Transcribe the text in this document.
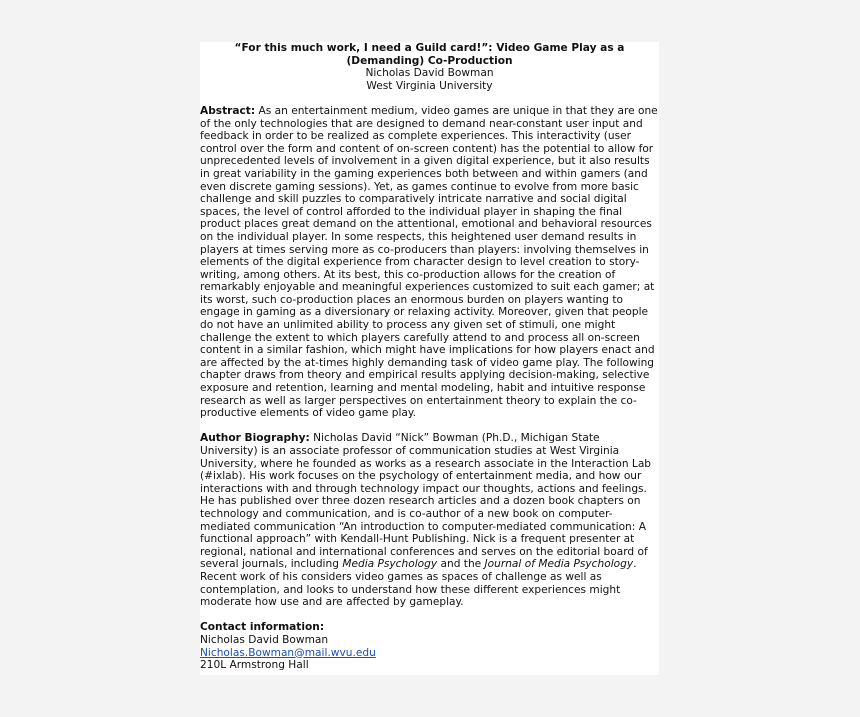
“For this much work, I need a Guild card!”: Video Game Play as a (Demanding) Co-Production

Nicholas David Bowman

West Virginia University

Abstract: As an entertainment medium, video games are unique in that they are one of the only technologies that are designed to demand near-constant user input and feedback in order to be realized as complete experiences. This interactivity (user control over the form and content of on-screen content) has the potential to allow for unprecedented levels of involvement in a given digital experience, but it also results in great variability in the gaming experiences both between and within gamers (and even discrete gaming sessions). Yet, as games continue to evolve from more basic challenge and skill puzzles to comparatively intricate narrative and social digital spaces, the level of control afforded to the individual player in shaping the final product places great demand on the attentional, emotional and behavioral resources on the individual player. In some respects, this heightened user demand results in players at times serving more as co-producers than players: involving themselves in elements of the digital experience from character design to level creation to story-writing, among others. At its best, this co-production allows for the creation of remarkably enjoyable and meaningful experiences customized to suit each gamer; at its worst, such co-production places an enormous burden on players wanting to engage in gaming as a diversionary or relaxing activity. Moreover, given that people do not have an unlimited ability to process any given set of stimuli, one might challenge the extent to which players carefully attend to and process all on-screen content in a similar fashion, which might have implications for how players enact and are affected by the at-times highly demanding task of video game play. The following chapter draws from theory and empirical results applying decision-making, selective exposure and retention, learning and mental modeling, habit and intuitive response research as well as larger perspectives on entertainment theory to explain the co-productive elements of video game play.

Author Biography: Nicholas David “Nick” Bowman (Ph.D., Michigan State University) is an associate professor of communication studies at West Virginia University, where he founded as works as a research associate in the Interaction Lab (#ixlab). His work focuses on the psychology of entertainment media, and how our interactions with and through technology impact our thoughts, actions and feelings. He has published over three dozen research articles and a dozen book chapters on technology and communication, and is co-author of a new book on computer-mediated communication “An introduction to computer-mediated communication: A functional approach” with Kendall-Hunt Publishing. Nick is a frequent presenter at regional, national and international conferences and serves on the editorial board of several journals, including Media Psychology and the Journal of Media Psychology. Recent work of his considers video games as spaces of challenge as well as contemplation, and looks to understand how these different experiences might moderate how use and are affected by gameplay.

Contact information:

Nicholas David Bowman

Nicholas.Bowman@mail.wvu.edu

210L Armstrong Hall
